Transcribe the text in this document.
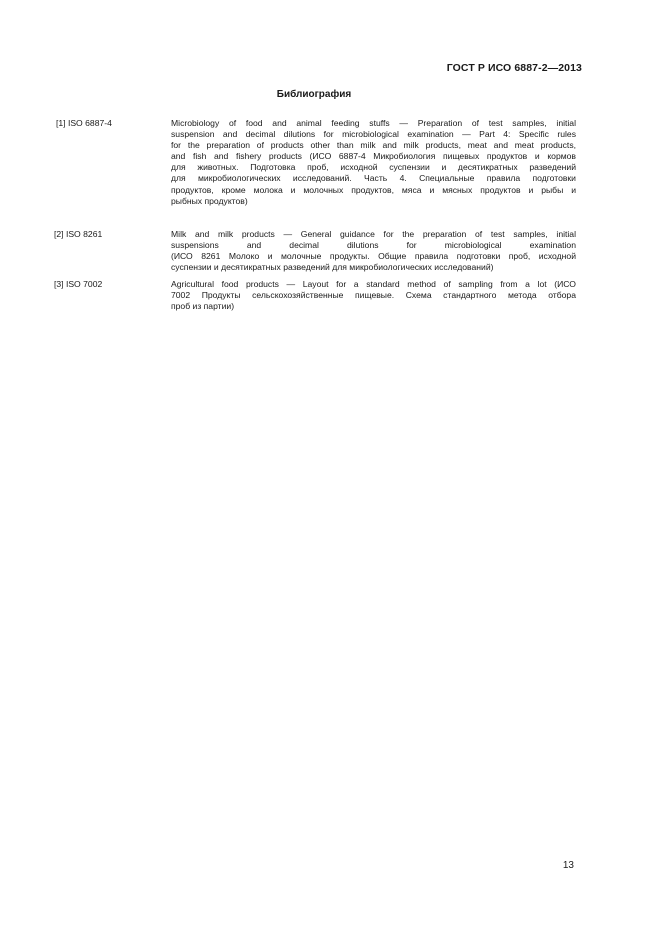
ГОСТ Р ИСО 6887-2—2013
Библиография
[1] ISO 6887-4	Microbiology of food and animal feeding stuffs — Preparation of test samples, initial
suspension and decimal dilutions for microbiological examination — Part 4: Specific rules
for the preparation of products other than milk and milk products, meat and meat products,
and fish and fishery products (ИСО 6887-4 Микробиология пищевых продуктов и кормов
для животных. Подготовка проб, исходной суспензии и десятикратных разведений
для микробиологических исследований. Часть 4. Специальные правила подготовки
продуктов, кроме молока и молочных продуктов, мяса и мясных продуктов и рыбы и
рыбных продуктов)
[2] ISO 8261	Milk and milk products — General guidance for the preparation of test samples, initial
suspensions and decimal dilutions for microbiological examination
(ИСО 8261 Молоко и молочные продукты. Общие правила подготовки проб, исходной
суспензии и десятикратных разведений для микробиологических исследований)
[3] ISO 7002	Agricultural food products — Layout for a standard method of sampling from a lot (ИСО
7002 Продукты сельскохозяйственные пищевые. Схема стандартного метода отбора
проб из партии)
13
